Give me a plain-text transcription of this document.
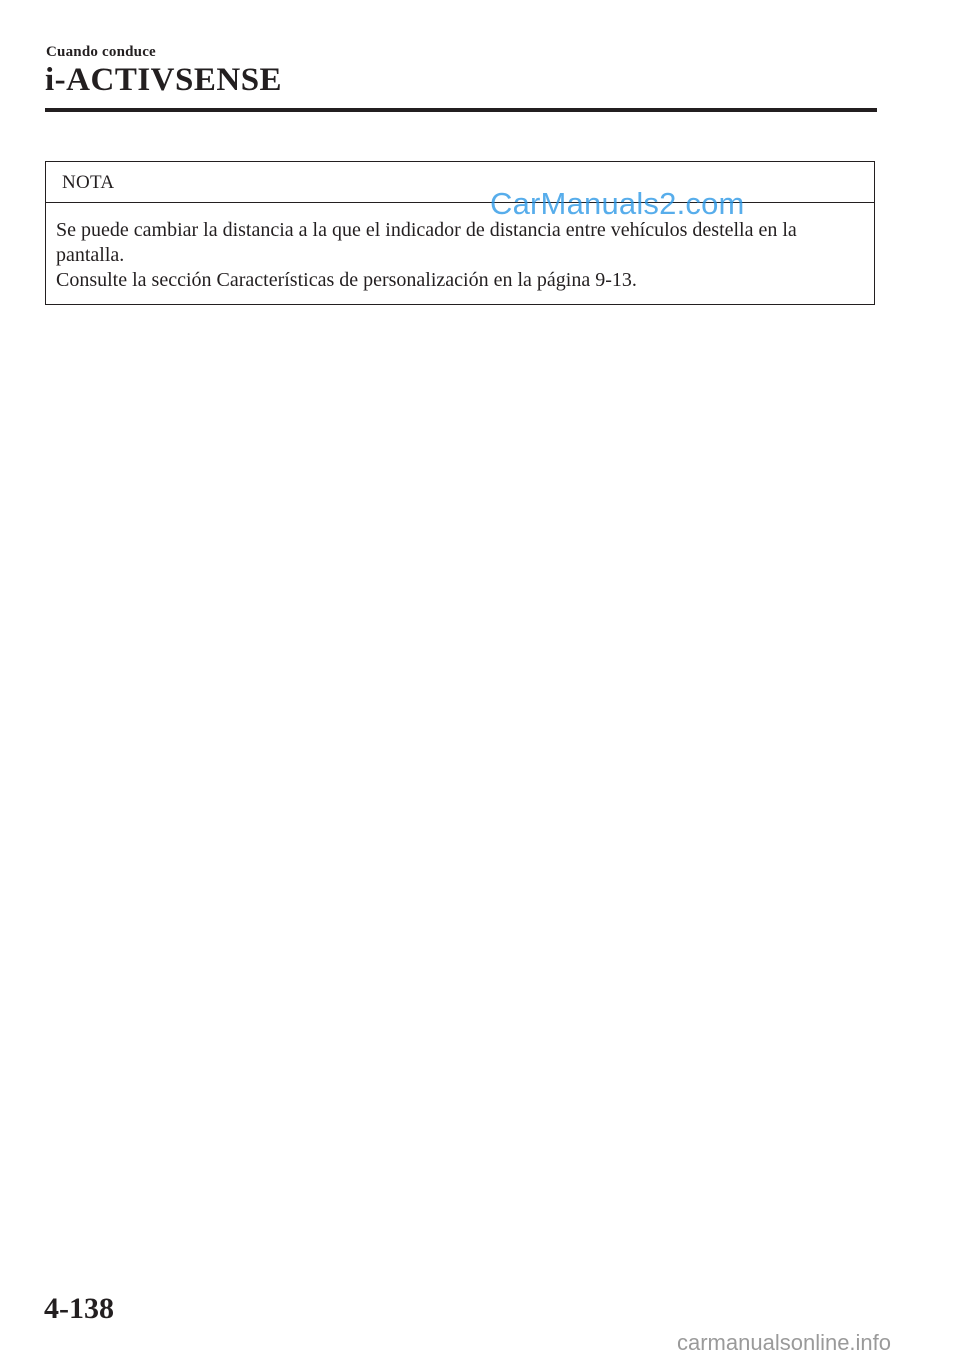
Cuando conduce
i-ACTIVSENSE
NOTA

Se puede cambiar la distancia a la que el indicador de distancia entre vehículos destella en la pantalla.

Consulte la sección Características de personalización en la página 9-13.

CarManuals2.com
4-138
carmanualsonline.info
